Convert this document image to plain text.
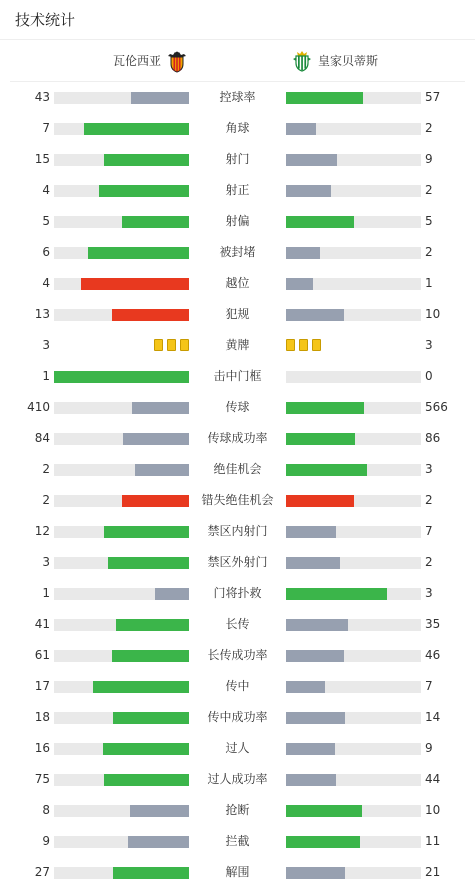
技术统计
瓦伦西亚	皇家贝蒂斯
43	控球率	57
7	角球	2
15	射门	9
4	射正	2
5	射偏	5
6	被封堵	2
4	越位	1
13	犯规	10
3	黄牌	3
1	击中门框	0
410	传球	566
84	传球成功率	86
2	绝佳机会	3
2	错失绝佳机会	2
12	禁区内射门	7
3	禁区外射门	2
1	门将扑救	3
41	长传	35
61	长传成功率	46
17	传中	7
18	传中成功率	14
16	过人	9
75	过人成功率	44
8	抢断	10
9	拦截	11
27	解围	21
